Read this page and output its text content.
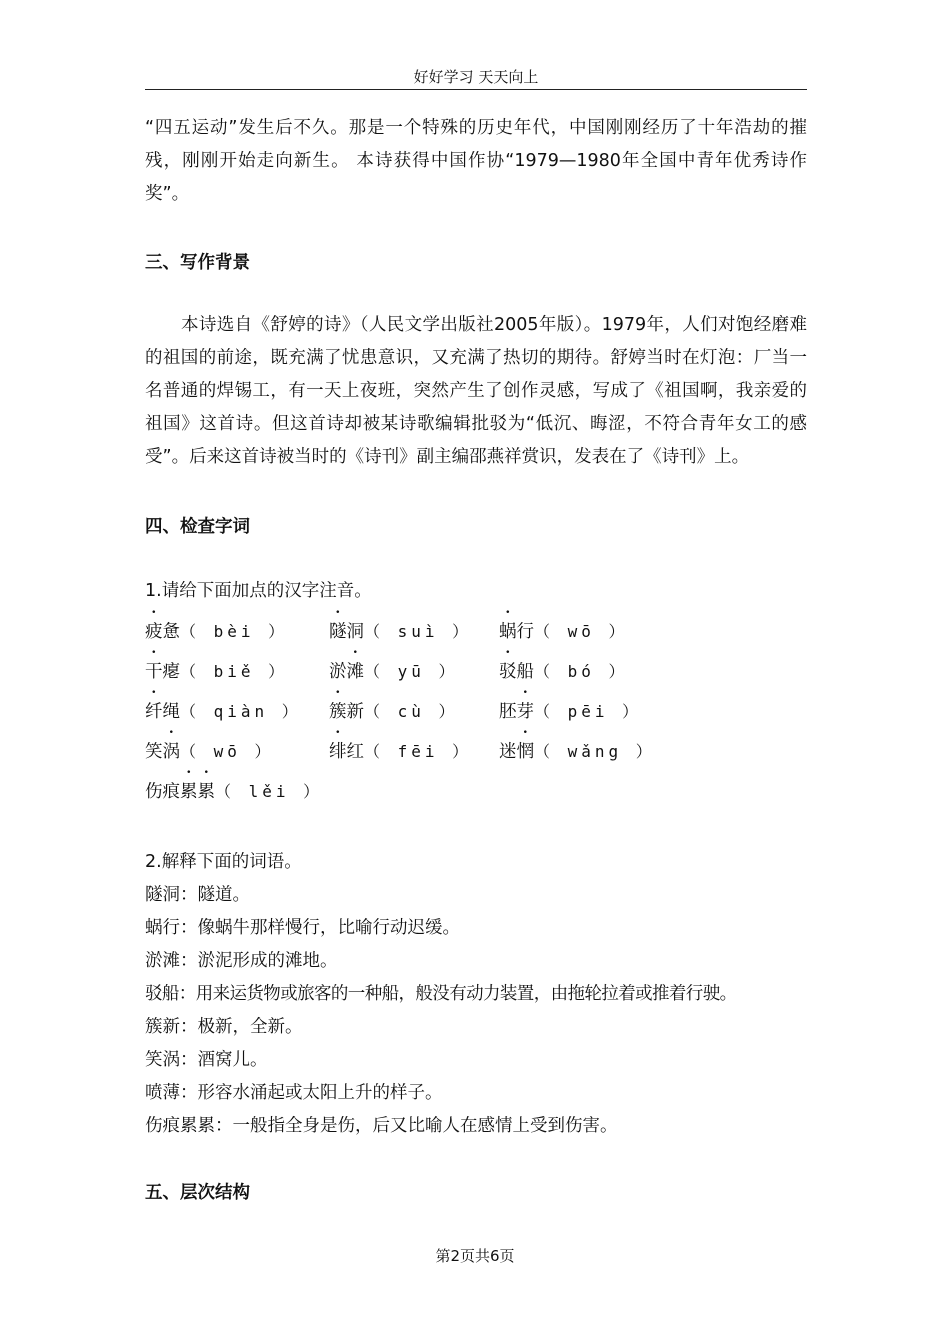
好好学习 天天向上

“四五运动”发生后不久。那是一个特殊的历史年代，中国刚刚经历了十年浩劫的摧残，刚刚开始走向新生。 本诗获得中国作协“1979—1980年全国中青年优秀诗作奖”。

三、写作背景

本诗选自《舒婷的诗》（人民文学出版社2005年版）。1979年，人们对饱经磨难的祖国的前途，既充满了忧患意识，又充满了热切的期待。舒婷当时在灯泡：厂当一名普通的焊锡工，有一天上夜班，突然产生了创作灵感，写成了《祖国啊，我亲爱的祖国》这首诗。但这首诗却被某诗歌编辑批驳为“低沉、晦涩，不符合青年女工的感受”。后来这首诗被当时的《诗刊》副主编邵燕祥赏识，发表在了《诗刊》上。

四、检查字词

1.请给下面加点的汉字注音。

疲惫（ bèi ）	隧洞（ suì ）	蜗行（ wō ）
干瘪（ biě ）	淤滩（ yū ）	驳船（ bó ）
纤绳（ qiàn ）	簇新（ cù ）	胚芽（ pēi ）
笑涡（ wō ）	绯红（ fēi ）	迷惘（ wǎng ）
伤痕累累（ lěi ）

2.解释下面的词语。

隧洞：隧道。

蜗行：像蜗牛那样慢行，比喻行动迟缓。

淤滩：淤泥形成的滩地。

驳船：用来运货物或旅客的一种船，般没有动力装置，由拖轮拉着或推着行驶。

簇新：极新，全新。

笑涡：酒窝儿。

喷薄：形容水涌起或太阳上升的样子。

伤痕累累：一般指全身是伤，后又比喻人在感情上受到伤害。

五、层次结构

第2页共6页
